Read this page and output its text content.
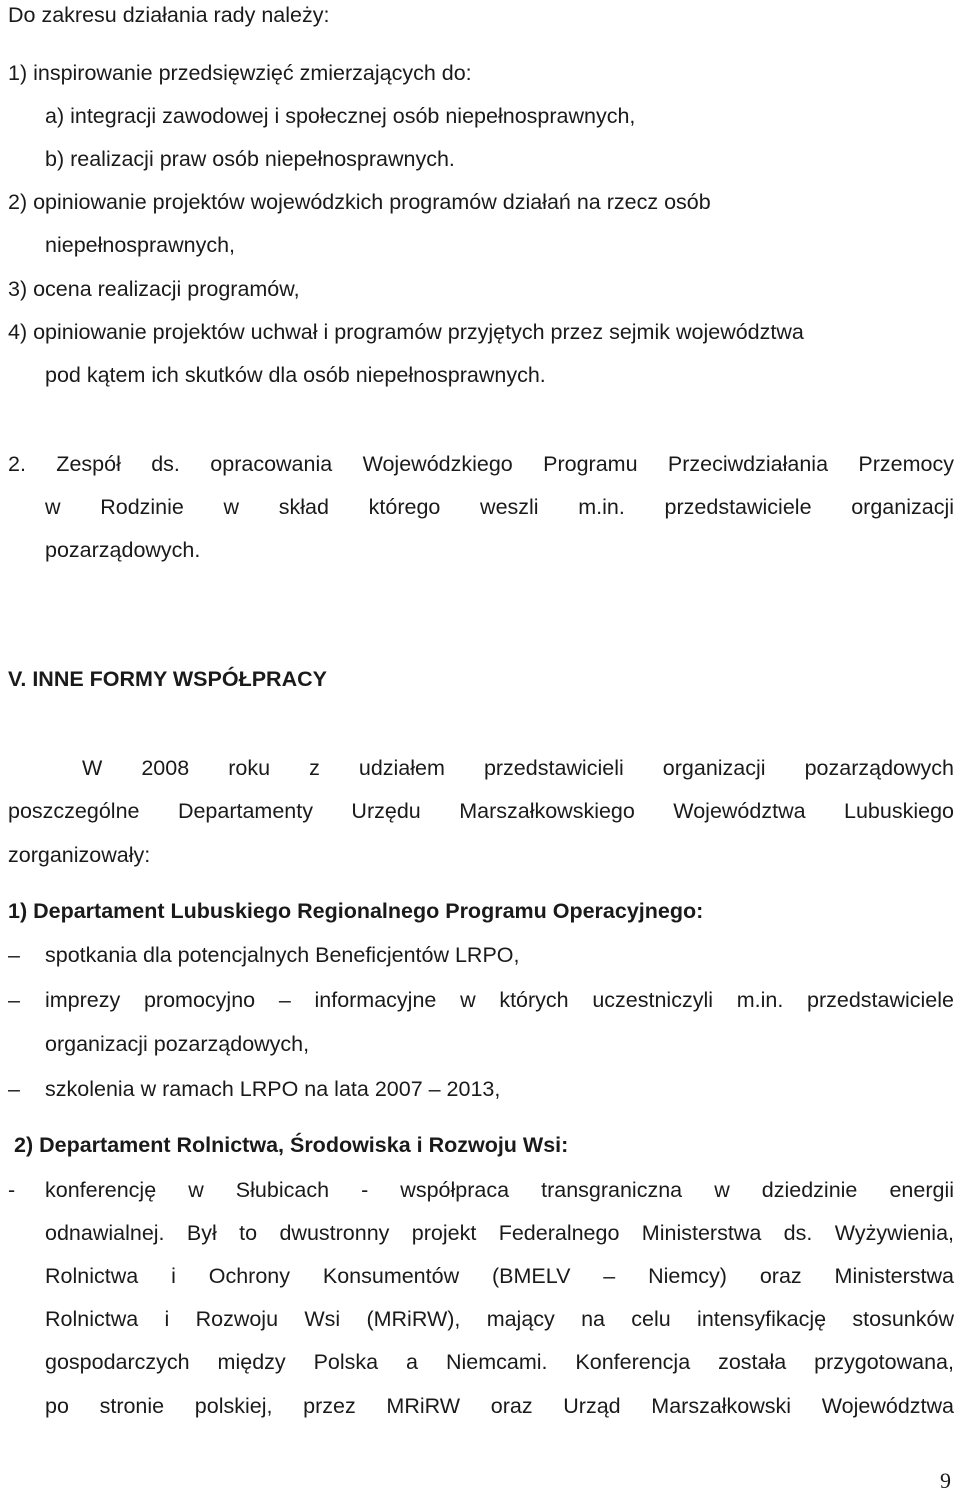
Do zakresu działania rady należy:
1) inspirowanie przedsięwzięć zmierzających do:
a) integracji zawodowej i społecznej osób niepełnosprawnych,
b) realizacji praw osób niepełnosprawnych.
2) opiniowanie projektów wojewódzkich programów działań na rzecz osób
niepełnosprawnych,
3) ocena realizacji programów,
4) opiniowanie projektów uchwał i programów przyjętych przez sejmik województwa
pod kątem ich skutków dla osób niepełnosprawnych.
2. Zespół ds. opracowania Wojewódzkiego Programu Przeciwdziałania Przemocy
w Rodzinie w skład którego weszli m.in. przedstawiciele organizacji
pozarządowych.
V. INNE FORMY WSPÓŁPRACY
W 2008 roku z udziałem przedstawicieli organizacji pozarządowych
poszczególne Departamenty Urzędu Marszałkowskiego Województwa Lubuskiego
zorganizowały:
1) Departament Lubuskiego Regionalnego Programu Operacyjnego:
– spotkania dla potencjalnych Beneficjentów LRPO,
– imprezy promocyjno – informacyjne w których uczestniczyli m.in. przedstawiciele
organizacji pozarządowych,
– szkolenia w ramach LRPO na lata 2007 – 2013,
2) Departament Rolnictwa, Środowiska i Rozwoju Wsi:
- konferencję w Słubicach - współpraca transgraniczna w dziedzinie energii
odnawialnej. Był to dwustronny projekt Federalnego Ministerstwa ds. Wyżywienia,
Rolnictwa i Ochrony Konsumentów (BMELV – Niemcy) oraz Ministerstwa
Rolnictwa i Rozwoju Wsi (MRiRW), mający na celu intensyfikację stosunków
gospodarczych między Polska a Niemcami. Konferencja została przygotowana,
po stronie polskiej, przez MRiRW oraz Urząd Marszałkowski Województwa
9
